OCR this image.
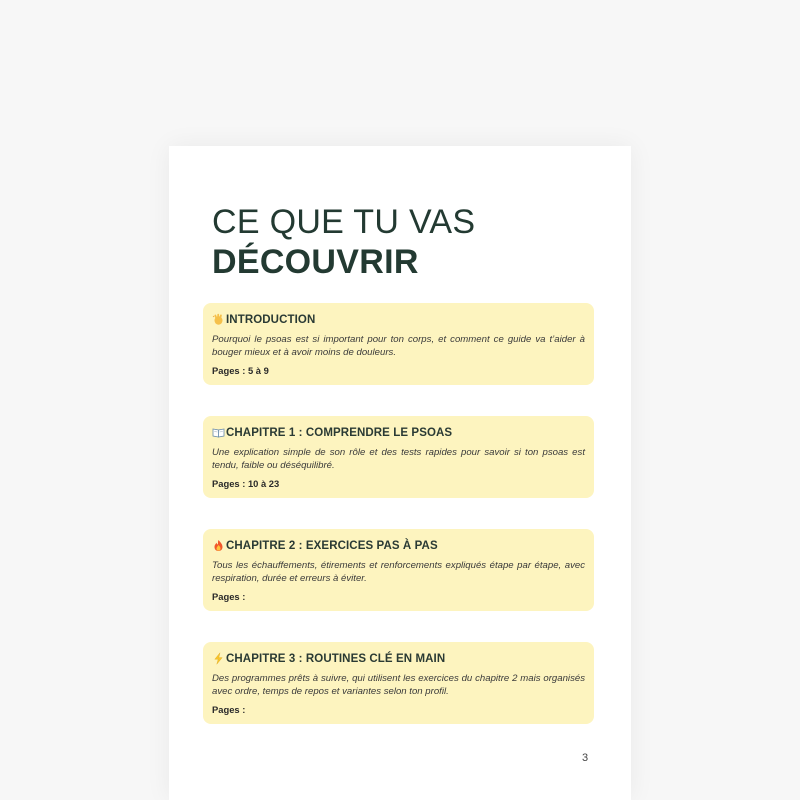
CE QUE TU VAS
DÉCOUVRIR
INTRODUCTION
Pourquoi le psoas est si important pour ton corps, et comment ce guide va t’aider à bouger mieux et à avoir moins de douleurs.
Pages : 5 à 9
CHAPITRE 1 : COMPRENDRE LE PSOAS
Une explication simple de son rôle et des tests rapides pour savoir si ton psoas est tendu, faible ou déséquilibré.
Pages : 10 à 23
CHAPITRE 2 : EXERCICES PAS À PAS
Tous les échauffements, étirements et renforcements expliqués étape par étape, avec respiration, durée et erreurs à éviter.
Pages :
CHAPITRE 3 : ROUTINES CLÉ EN MAIN
Des programmes prêts à suivre, qui utilisent les exercices du chapitre 2 mais organisés avec ordre, temps de repos et variantes selon ton profil.
Pages :
3
